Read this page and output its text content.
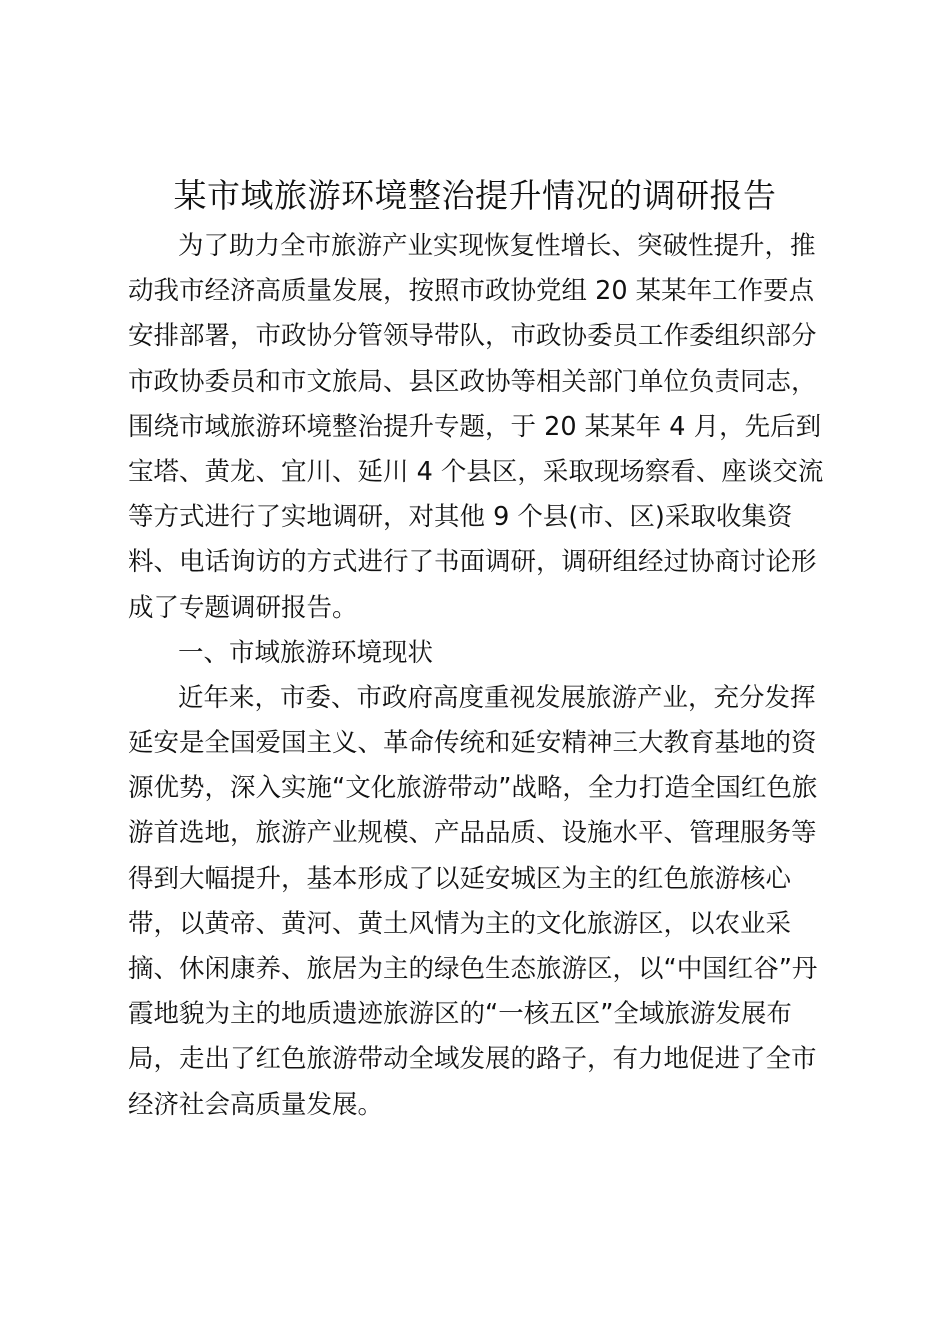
某市域旅游环境整治提升情况的调研报告
为了助力全市旅游产业实现恢复性增长、突破性提升，推
动我市经济高质量发展，按照市政协党组 20 某某年工作要点
安排部署，市政协分管领导带队，市政协委员工作委组织部分
市政协委员和市文旅局、县区政协等相关部门单位负责同志，
围绕市域旅游环境整治提升专题，于 20 某某年 4 月，先后到
宝塔、黄龙、宜川、延川 4 个县区，采取现场察看、座谈交流
等方式进行了实地调研，对其他 9 个县(市、区)采取收集资
料、电话询访的方式进行了书面调研，调研组经过协商讨论形
成了专题调研报告。
一、市域旅游环境现状
近年来，市委、市政府高度重视发展旅游产业，充分发挥
延安是全国爱国主义、革命传统和延安精神三大教育基地的资
源优势，深入实施“文化旅游带动”战略，全力打造全国红色旅
游首选地，旅游产业规模、产品品质、设施水平、管理服务等
得到大幅提升，基本形成了以延安城区为主的红色旅游核心
带，以黄帝、黄河、黄土风情为主的文化旅游区，以农业采
摘、休闲康养、旅居为主的绿色生态旅游区，以“中国红谷”丹
霞地貌为主的地质遗迹旅游区的“一核五区”全域旅游发展布
局，走出了红色旅游带动全域发展的路子，有力地促进了全市
经济社会高质量发展。
